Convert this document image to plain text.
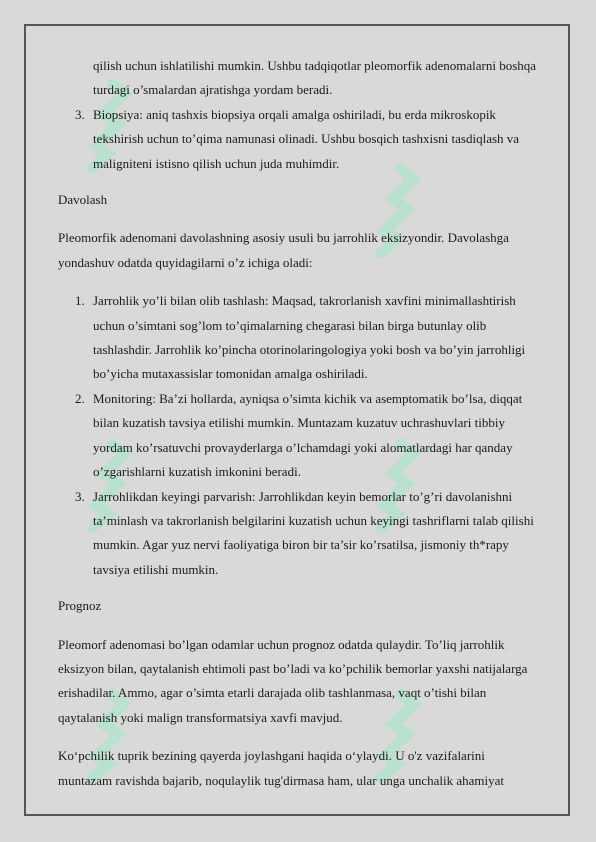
qilish uchun ishlatilishi mumkin. Ushbu tadqiqotlar pleomorfik adenomalarni boshqa turdagi o’smalardan ajratishga yordam beradi.

3. Biopsiya: aniq tashxis biopsiya orqali amalga oshiriladi, bu erda mikroskopik tekshirish uchun to’qima namunasi olinadi. Ushbu bosqich tashxisni tasdiqlash va maligniteni istisno qilish uchun juda muhimdir.

Davolash

Pleomorfik adenomani davolashning asosiy usuli bu jarrohlik eksizyondir. Davolashga yondashuv odatda quyidagilarni o’z ichiga oladi:

1. Jarrohlik yo’li bilan olib tashlash: Maqsad, takrorlanish xavfini minimallashtirish uchun o’simtani sog’lom to’qimalarning chegarasi bilan birga butunlay olib tashlashdir. Jarrohlik ko’pincha otorinolaringologiya yoki bosh va bo’yin jarrohligi bo’yicha mutaxassislar tomonidan amalga oshiriladi.

2. Monitoring: Ba’zi hollarda, ayniqsa o’simta kichik va asemptomatik bo’lsa, diqqat bilan kuzatish tavsiya etilishi mumkin. Muntazam kuzatuv uchrashuvlari tibbiy yordam ko’rsatuvchi provayderlarga o’lchamdagi yoki alomatlardagi har qanday o’zgarishlarni kuzatish imkonini beradi.

3. Jarrohlikdan keyingi parvarish: Jarrohlikdan keyin bemorlar to’g’ri davolanishni ta’minlash va takrorlanish belgilarini kuzatish uchun keyingi tashriflarni talab qilishi mumkin. Agar yuz nervi faoliyatiga biron bir ta’sir ko’rsatilsa, jismoniy th*rapy tavsiya etilishi mumkin.

Prognoz

Pleomorf adenomasi bo’lgan odamlar uchun prognoz odatda qulaydir. To’liq jarrohlik eksizyon bilan, qaytalanish ehtimoli past bo’ladi va ko’pchilik bemorlar yaxshi natijalarga erishadilar. Ammo, agar o’simta etarli darajada olib tashlanmasa, vaqt o’tishi bilan qaytalanish yoki malign transformatsiya xavfi mavjud.

Ko‘pchilik tuprik bezining qayerda joylashgani haqida o‘ylaydi. U o'z vazifalarini muntazam ravishda bajarib, noqulaylik tug'dirmasa ham, ular unga unchalik ahamiyat
